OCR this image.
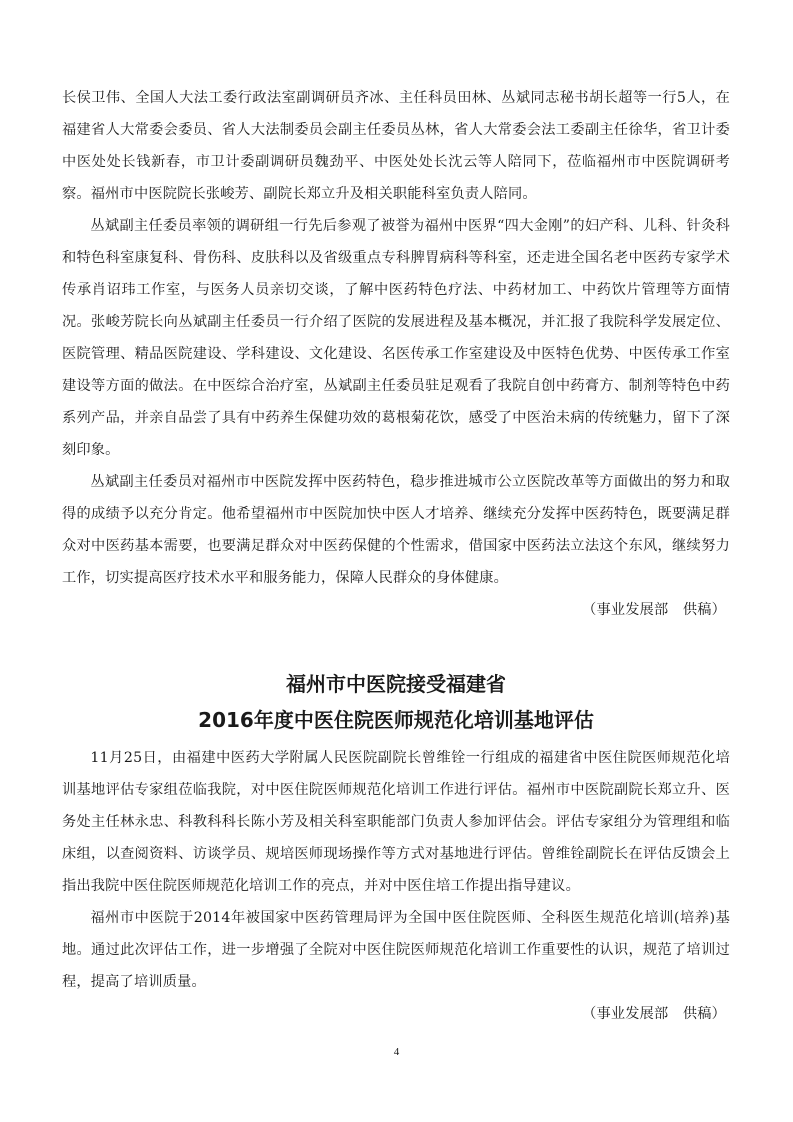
长侯卫伟、全国人大法工委行政法室副调研员齐冰、主任科员田林、丛斌同志秘书胡长超等一行5人，在福建省人大常委会委员、省人大法制委员会副主任委员丛林，省人大常委会法工委副主任徐华，省卫计委中医处处长钱新春，市卫计委副调研员魏劲平、中医处处长沈云等人陪同下，莅临福州市中医院调研考察。福州市中医院院长张峻芳、副院长郑立升及相关职能科室负责人陪同。

丛斌副主任委员率领的调研组一行先后参观了被誉为福州中医界“四大金刚”的妇产科、儿科、针灸科和特色科室康复科、骨伤科、皮肤科以及省级重点专科脾胃病科等科室，还走进全国名老中医药专家学术传承肖诏玮工作室，与医务人员亲切交谈，了解中医药特色疗法、中药材加工、中药饮片管理等方面情况。张峻芳院长向丛斌副主任委员一行介绍了医院的发展进程及基本概况，并汇报了我院科学发展定位、医院管理、精品医院建设、学科建设、文化建设、名医传承工作室建设及中医特色优势、中医传承工作室建设等方面的做法。在中医综合治疗室，丛斌副主任委员驻足观看了我院自创中药膏方、制剂等特色中药系列产品，并亲自品尝了具有中药养生保健功效的葛根菊花饮，感受了中医治未病的传统魅力，留下了深刻印象。

丛斌副主任委员对福州市中医院发挥中医药特色，稳步推进城市公立医院改革等方面做出的努力和取得的成绩予以充分肯定。他希望福州市中医院加快中医人才培养、继续充分发挥中医药特色，既要满足群众对中医药基本需要，也要满足群众对中医药保健的个性需求，借国家中医药法立法这个东风，继续努力工作，切实提高医疗技术水平和服务能力，保障人民群众的身体健康。

（事业发展部　供稿）

福州市中医院接受福建省
2016年度中医住院医师规范化培训基地评估

11月25日，由福建中医药大学附属人民医院副院长曾维铨一行组成的福建省中医住院医师规范化培训基地评估专家组莅临我院，对中医住院医师规范化培训工作进行评估。福州市中医院副院长郑立升、医务处主任林永忠、科教科科长陈小芳及相关科室职能部门负责人参加评估会。评估专家组分为管理组和临床组，以查阅资料、访谈学员、规培医师现场操作等方式对基地进行评估。曾维铨副院长在评估反馈会上指出我院中医住院医师规范化培训工作的亮点，并对中医住培工作提出指导建议。

福州市中医院于2014年被国家中医药管理局评为全国中医住院医师、全科医生规范化培训(培养)基地。通过此次评估工作，进一步增强了全院对中医住院医师规范化培训工作重要性的认识，规范了培训过程，提高了培训质量。

（事业发展部　供稿）

4
